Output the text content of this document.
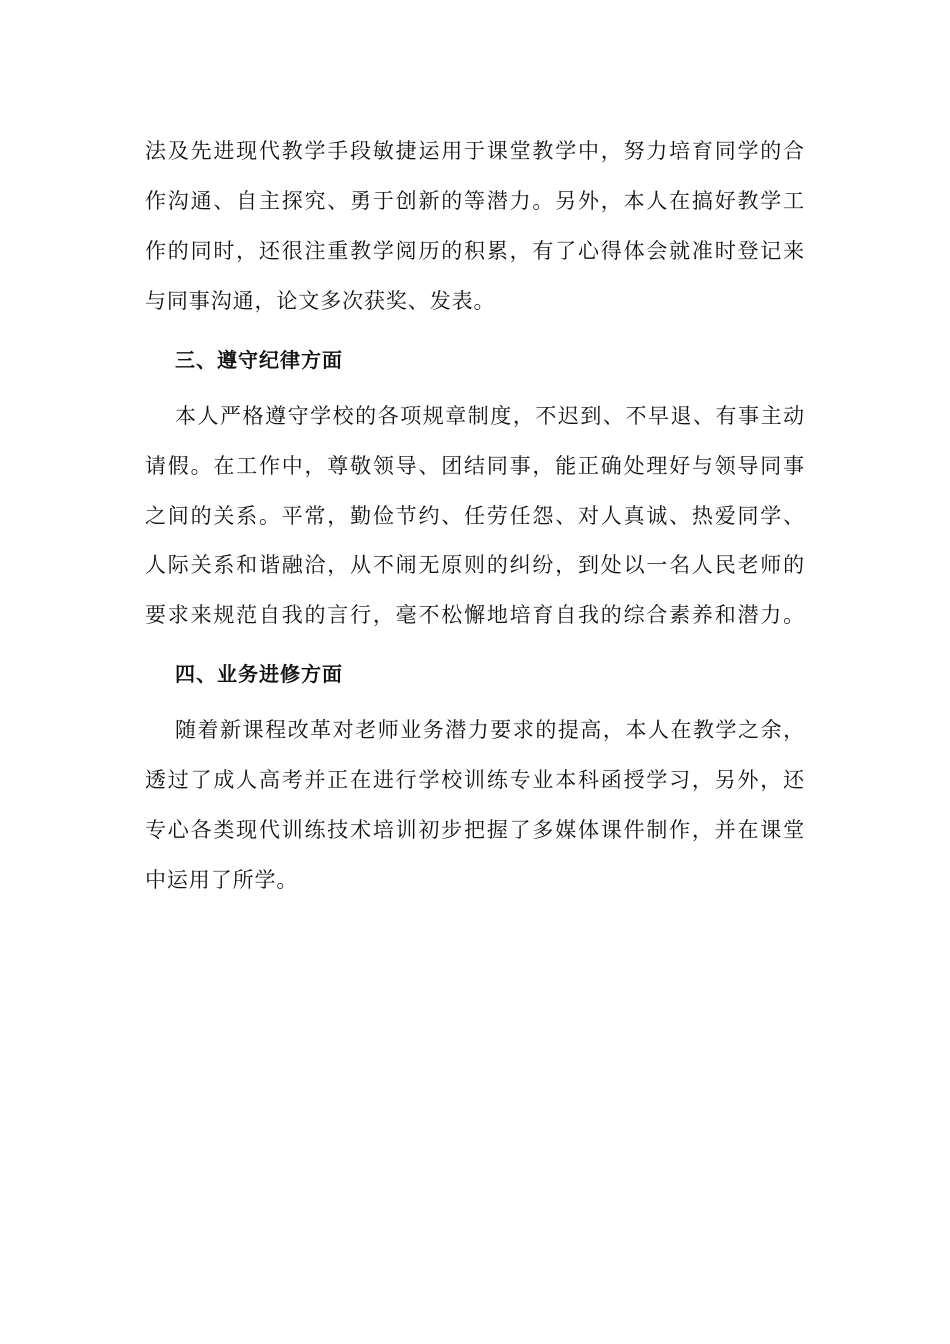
法及先进现代教学手段敏捷运用于课堂教学中，努力培育同学的合
作沟通、自主探究、勇于创新的等潜力。另外，本人在搞好教学工
作的同时，还很注重教学阅历的积累，有了心得体会就准时登记来
与同事沟通，论文多次获奖、发表。
三、遵守纪律方面
本人严格遵守学校的各项规章制度，不迟到、不早退、有事主动
请假。在工作中，尊敬领导、团结同事，能正确处理好与领导同事
之间的关系。平常，勤俭节约、任劳任怨、对人真诚、热爱同学、
人际关系和谐融洽，从不闹无原则的纠纷，到处以一名人民老师的
要求来规范自我的言行，毫不松懈地培育自我的综合素养和潜力。
四、业务进修方面
随着新课程改革对老师业务潜力要求的提高，本人在教学之余，
透过了成人高考并正在进行学校训练专业本科函授学习，另外，还
专心各类现代训练技术培训初步把握了多媒体课件制作，并在课堂
中运用了所学。
